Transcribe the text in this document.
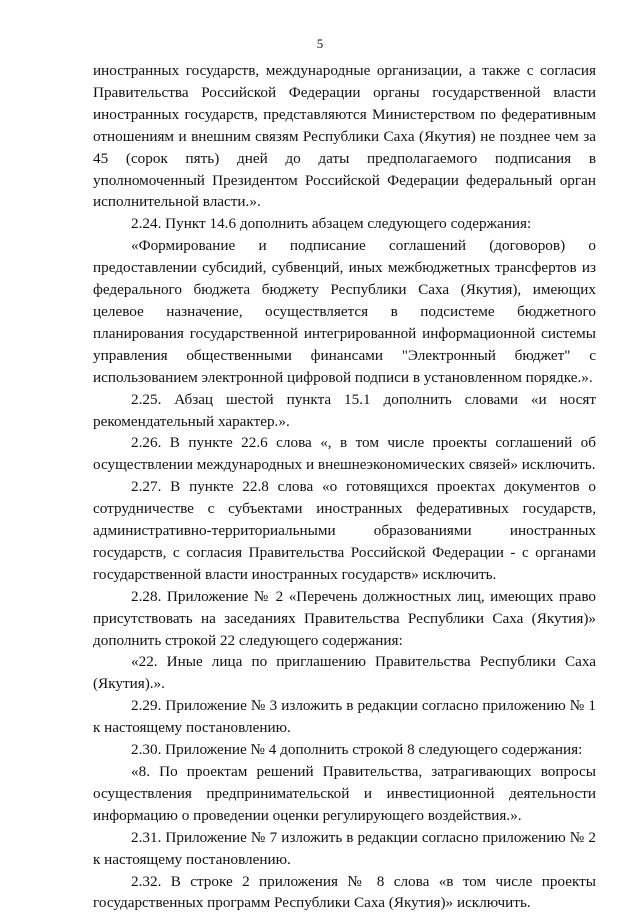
5

иностранных государств, международные организации, а также с согласия Правительства Российской Федерации органы государственной власти иностранных государств, представляются Министерством по федеративным отношениям и внешним связям Республики Саха (Якутия) не позднее чем за 45 (сорок пять) дней до даты предполагаемого подписания в уполномоченный Президентом Российской Федерации федеральный орган исполнительной власти.».

2.24. Пункт 14.6 дополнить абзацем следующего содержания:

«Формирование и подписание соглашений (договоров) о предоставлении субсидий, субвенций, иных межбюджетных трансфертов из федерального бюджета бюджету Республики Саха (Якутия), имеющих целевое назначение, осуществляется в подсистеме бюджетного планирования государственной интегрированной информационной системы управления общественными финансами "Электронный бюджет" с использованием электронной цифровой подписи в установленном порядке.».

2.25. Абзац шестой пункта 15.1 дополнить словами «и носят рекомендательный характер.».

2.26. В пункте 22.6 слова «, в том числе проекты соглашений об осуществлении международных и внешнеэкономических связей» исключить.

2.27. В пункте 22.8 слова «о готовящихся проектах документов о сотрудничестве с субъектами иностранных федеративных государств, административно-территориальными образованиями иностранных государств, с согласия Правительства Российской Федерации - с органами государственной власти иностранных государств» исключить.

2.28. Приложение № 2 «Перечень должностных лиц, имеющих право присутствовать на заседаниях Правительства Республики Саха (Якутия)» дополнить строкой 22 следующего содержания:

«22. Иные лица по приглашению Правительства Республики Саха (Якутия).».

2.29. Приложение № 3 изложить в редакции согласно приложению № 1 к настоящему постановлению.

2.30. Приложение № 4 дополнить строкой 8 следующего содержания:

«8. По проектам решений Правительства, затрагивающих вопросы осуществления предпринимательской и инвестиционной деятельности информацию о проведении оценки регулирующего воздействия.».

2.31. Приложение № 7 изложить в редакции согласно приложению № 2 к настоящему постановлению.

2.32. В строке 2 приложения № 8 слова «в том числе проекты государственных программ Республики Саха (Якутия)» исключить.
